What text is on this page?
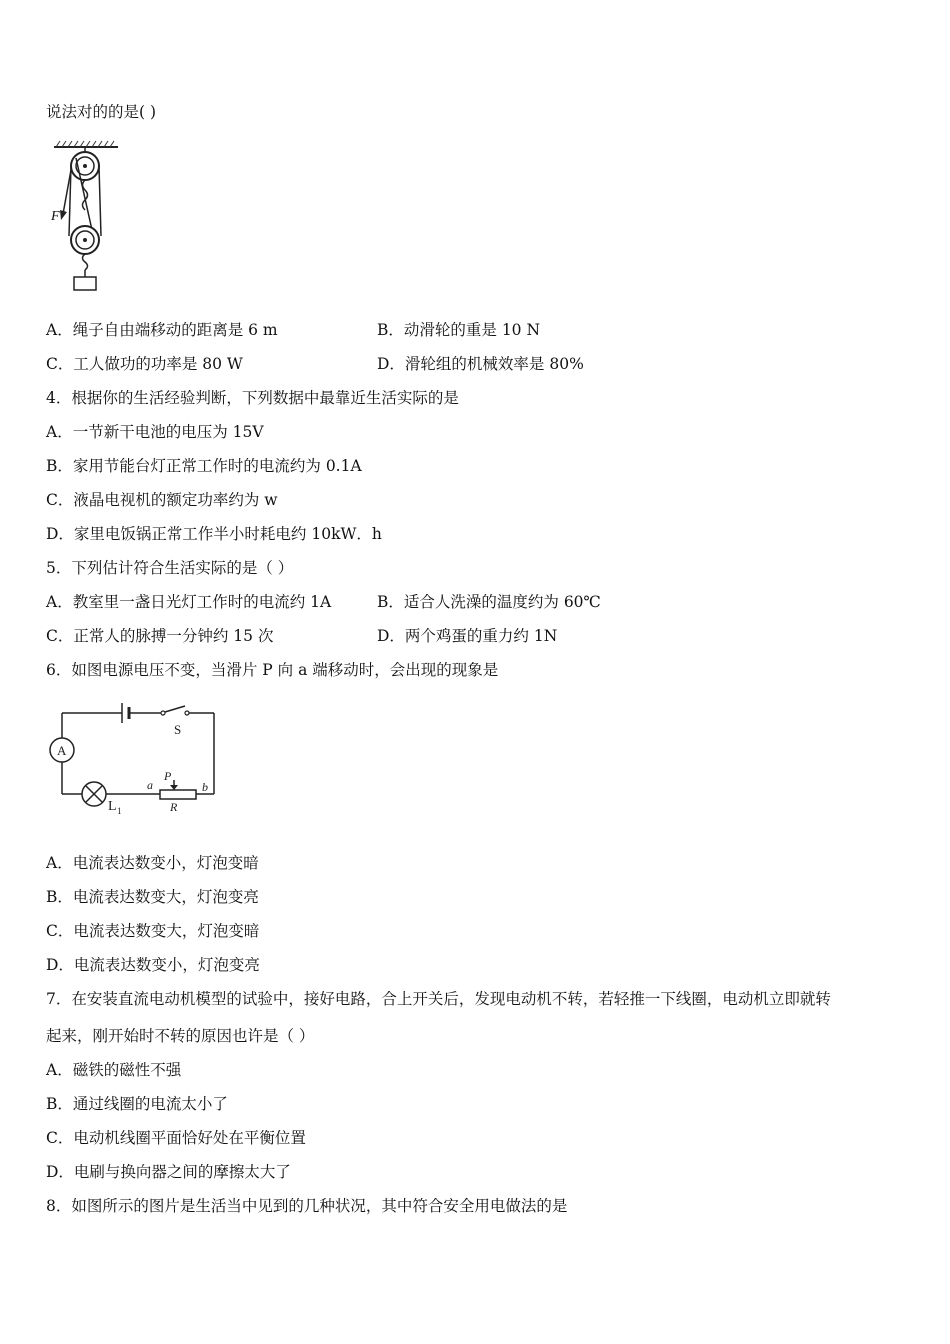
说法对的的是( )
F
A．绳子自由端移动的距离是 6 m	B．动滑轮的重是 10 N
C．工人做功的功率是 80 W	D．滑轮组的机械效率是 80%
4．根据你的生活经验判断，下列数据中最靠近生活实际的是
A．一节新干电池的电压为 15V
B．家用节能台灯正常工作时的电流约为 0.1A
C．液晶电视机的额定功率约为 w
D．家里电饭锅正常工作半小时耗电约 10kW．h
5．下列估计符合生活实际的是（ ）
A．教室里一盏日光灯工作时的电流约 1A	B．适合人洗澡的温度约为 60℃
C．正常人的脉搏一分钟约 15 次	D．两个鸡蛋的重力约 1N
6．如图电源电压不变，当滑片 P 向 a 端移动时，会出现的现象是
S
A
L 1
P
a	b
R
A．电流表达数变小，灯泡变暗
B．电流表达数变大，灯泡变亮
C．电流表达数变大，灯泡变暗
D．电流表达数变小，灯泡变亮
7．在安装直流电动机模型的试验中，接好电路，合上开关后，发现电动机不转，若轻推一下线圈，电动机立即就转
起来，刚开始时不转的原因也许是（ ）
A．磁铁的磁性不强
B．通过线圈的电流太小了
C．电动机线圈平面恰好处在平衡位置
D．电刷与换向器之间的摩擦太大了
8．如图所示的图片是生活当中见到的几种状况，其中符合安全用电做法的是
